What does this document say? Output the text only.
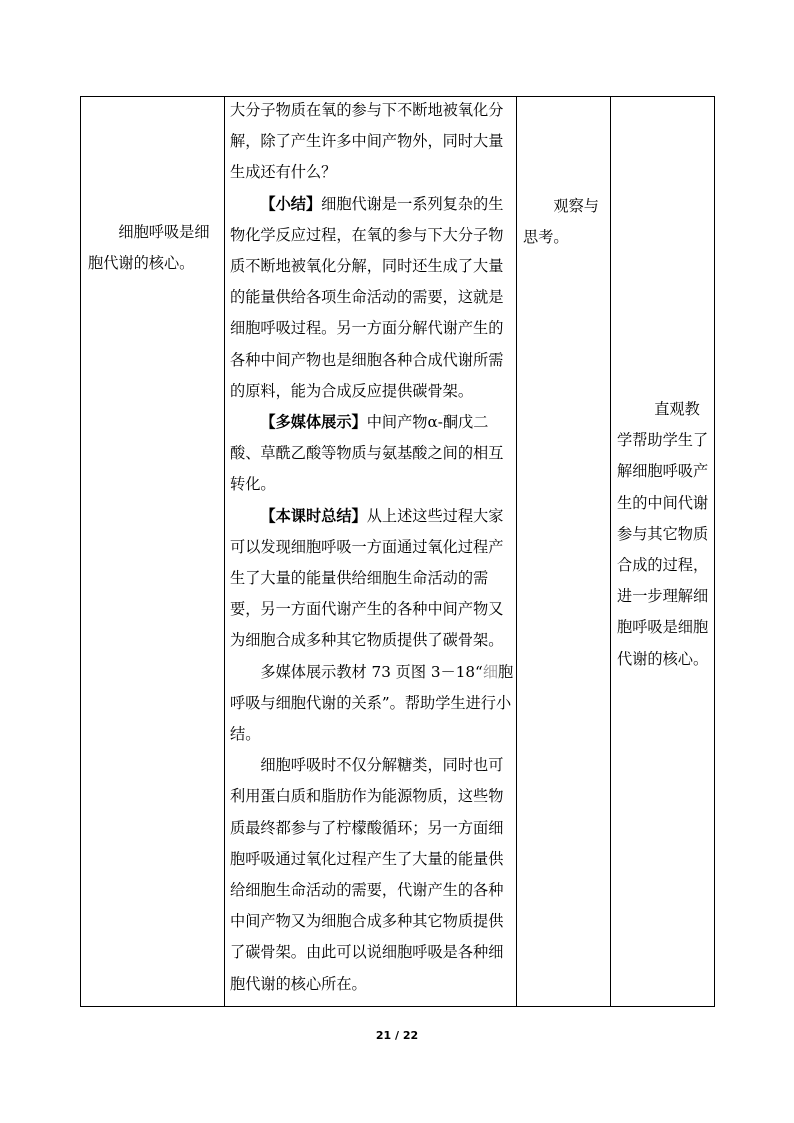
细胞呼吸是细

胞代谢的核心。

大分子物质在氧的参与下不断地被氧化分解，除了产生许多中间产物外，同时大量生成还有什么？

【小结】细胞代谢是一系列复杂的生物化学反应过程，在氧的参与下大分子物质不断地被氧化分解，同时还生成了大量的能量供给各项生命活动的需要，这就是细胞呼吸过程。另一方面分解代谢产生的各种中间产物也是细胞各种合成代谢所需的原料，能为合成反应提供碳骨架。

【多媒体展示】中间产物α-酮戊二酸、草酰乙酸等物质与氨基酸之间的相互转化。

【本课时总结】从上述这些过程大家可以发现细胞呼吸一方面通过氧化过程产生了大量的能量供给细胞生命活动的需要，另一方面代谢产生的各种中间产物又为细胞合成多种其它物质提供了碳骨架。

多媒体展示教材 73 页图 3－18“细胞呼吸与细胞代谢的关系”。帮助学生进行小结。

细胞呼吸时不仅分解糖类，同时也可利用蛋白质和脂肪作为能源物质，这些物质最终都参与了柠檬酸循环；另一方面细胞呼吸通过氧化过程产生了大量的能量供给细胞生命活动的需要，代谢产生的各种中间产物又为细胞合成多种其它物质提供了碳骨架。由此可以说细胞呼吸是各种细胞代谢的核心所在。

观察与

思考。

直观教

学帮助学生了解细胞呼吸产生的中间代谢参与其它物质合成的过程，进一步理解细胞呼吸是细胞代谢的核心。

21 / 22
